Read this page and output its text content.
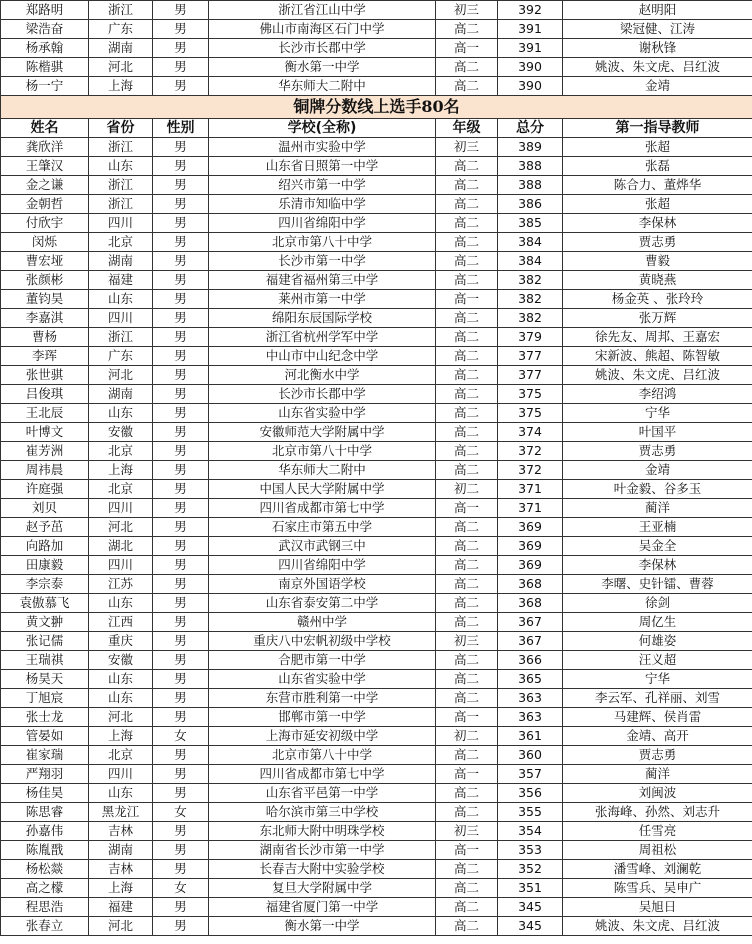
郑路明	浙江	男	浙江省江山中学	初三	392	赵明阳
梁浩奋	广东	男	佛山市南海区石门中学	高二	391	梁冠健、江涛
杨承翰	湖南	男	长沙市长郡中学	高一	391	谢秋锋
陈楷骐	河北	男	衡水第一中学	高二	390	姚波、朱文虎、吕红波
杨一宁	上海	男	华东师大二附中	高二	390	金靖
铜牌分数线上选手80名						
姓名	省份	性别	学校(全称)	年级	总分	第一指导教师
龚欣洋	浙江	男	温州市实验中学	初三	389	张超
王肇汉	山东	男	山东省日照第一中学	高二	388	张磊
金之谦	浙江	男	绍兴市第一中学	高二	388	陈合力、董烨华
金朝哲	浙江	男	乐清市知临中学	高二	386	张超
付欣宇	四川	男	四川省绵阳中学	高二	385	李保林
闵烁	北京	男	北京市第八十中学	高二	384	贾志勇
曹宏垭	湖南	男	长沙市第一中学	高二	384	曹毅
张颜彬	福建	男	福建省福州第三中学	高二	382	黄晓燕
董钧昊	山东	男	莱州市第一中学	高一	382	杨金英 、张玲玲
李嘉淇	四川	男	绵阳东辰国际学校	高二	382	张万辉
曹杨	浙江	男	浙江省杭州学军中学	高二	379	徐先友、周邦、王嘉宏
李珲	广东	男	中山市中山纪念中学	高二	377	宋新波、熊超、陈智敏
张世骐	河北	男	河北衡水中学	高二	377	姚波、朱文虎、吕红波
吕俊琪	湖南	男	长沙市长郡中学	高二	375	李绍鸿
王北辰	山东	男	山东省实验中学	高二	375	宁华
叶博文	安徽	男	安徽师范大学附属中学	高二	374	叶国平
崔芳洲	北京	男	北京市第八十中学	高二	372	贾志勇
周祎晨	上海	男	华东师大二附中	高二	372	金靖
许庭强	北京	男	中国人民大学附属中学	初二	371	叶金毅、谷多玉
刘贝	四川	男	四川省成都市第七中学	高一	371	蔺洋
赵予茁	河北	男	石家庄市第五中学	高二	369	王亚楠
向路加	湖北	男	武汉市武钢三中	高二	369	吴金全
田康毅	四川	男	四川省绵阳中学	高二	369	李保林
李宗泰	江苏	男	南京外国语学校	高二	368	李曙、史针镭、曹蓉
袁傲慕飞	山东	男	山东省泰安第二中学	高二	368	徐剑
黄文翀	江西	男	赣州中学	高二	367	周亿生
张记儒	重庆	男	重庆八中宏帆初级中学校	初三	367	何雄姿
王瑞祺	安徽	男	合肥市第一中学	高二	366	汪义超
杨昊天	山东	男	山东省实验中学	高二	365	宁华
丁旭宸	山东	男	东营市胜利第一中学	高二	363	李云军、孔祥丽、刘雪
张士龙	河北	男	邯郸市第一中学	高一	363	马建辉、侯肖雷
管晏如	上海	女	上海市延安初级中学	初二	361	金靖、高开
崔家瑞	北京	男	北京市第八十中学	高二	360	贾志勇
严翔羽	四川	男	四川省成都市第七中学	高一	357	蔺洋
杨佳昊	山东	男	山东省平邑第一中学	高二	356	刘闽波
陈思睿	黑龙江	女	哈尔滨市第三中学校	高二	355	张海峰、孙然、刘志升
孙嘉伟	吉林	男	东北师大附中明珠学校	初三	354	任雪亮
陈胤戬	湖南	男	湖南省长沙市第一中学	高一	353	周祖松
杨松燚	吉林	男	长春吉大附中实验学校	高二	352	潘雪峰、刘澜乾
高之檬	上海	女	复旦大学附属中学	高二	351	陈雪兵、吴申广
程思浩	福建	男	福建省厦门第一中学	高二	345	吴旭日
张春立	河北	男	衡水第一中学	高二	345	姚波、朱文虎、吕红波
